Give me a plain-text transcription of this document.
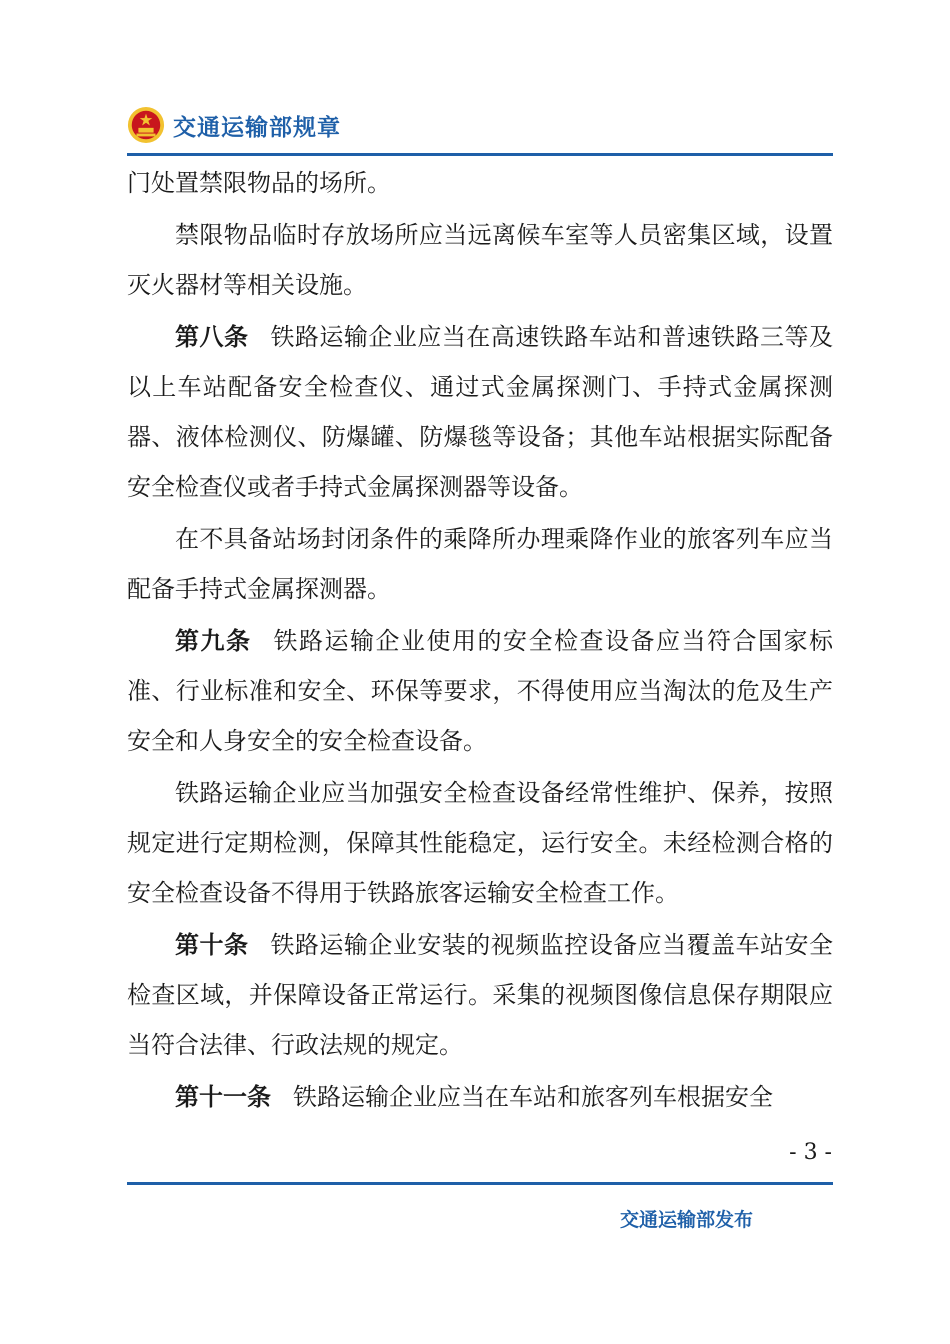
交通运输部规章

门处置禁限物品的场所。

禁限物品临时存放场所应当远离候车室等人员密集区域，设置灭火器材等相关设施。

第八条 铁路运输企业应当在高速铁路车站和普速铁路三等及以上车站配备安全检查仪、通过式金属探测门、手持式金属探测器、液体检测仪、防爆罐、防爆毯等设备；其他车站根据实际配备安全检查仪或者手持式金属探测器等设备。

在不具备站场封闭条件的乘降所办理乘降作业的旅客列车应当配备手持式金属探测器。

第九条 铁路运输企业使用的安全检查设备应当符合国家标准、行业标准和安全、环保等要求，不得使用应当淘汰的危及生产安全和人身安全的安全检查设备。

铁路运输企业应当加强安全检查设备经常性维护、保养，按照规定进行定期检测，保障其性能稳定，运行安全。未经检测合格的安全检查设备不得用于铁路旅客运输安全检查工作。

第十条 铁路运输企业安装的视频监控设备应当覆盖车站安全检查区域，并保障设备正常运行。采集的视频图像信息保存期限应当符合法律、行政法规的规定。

第十一条 铁路运输企业应当在车站和旅客列车根据安全

- 3 -
交通运输部发布
